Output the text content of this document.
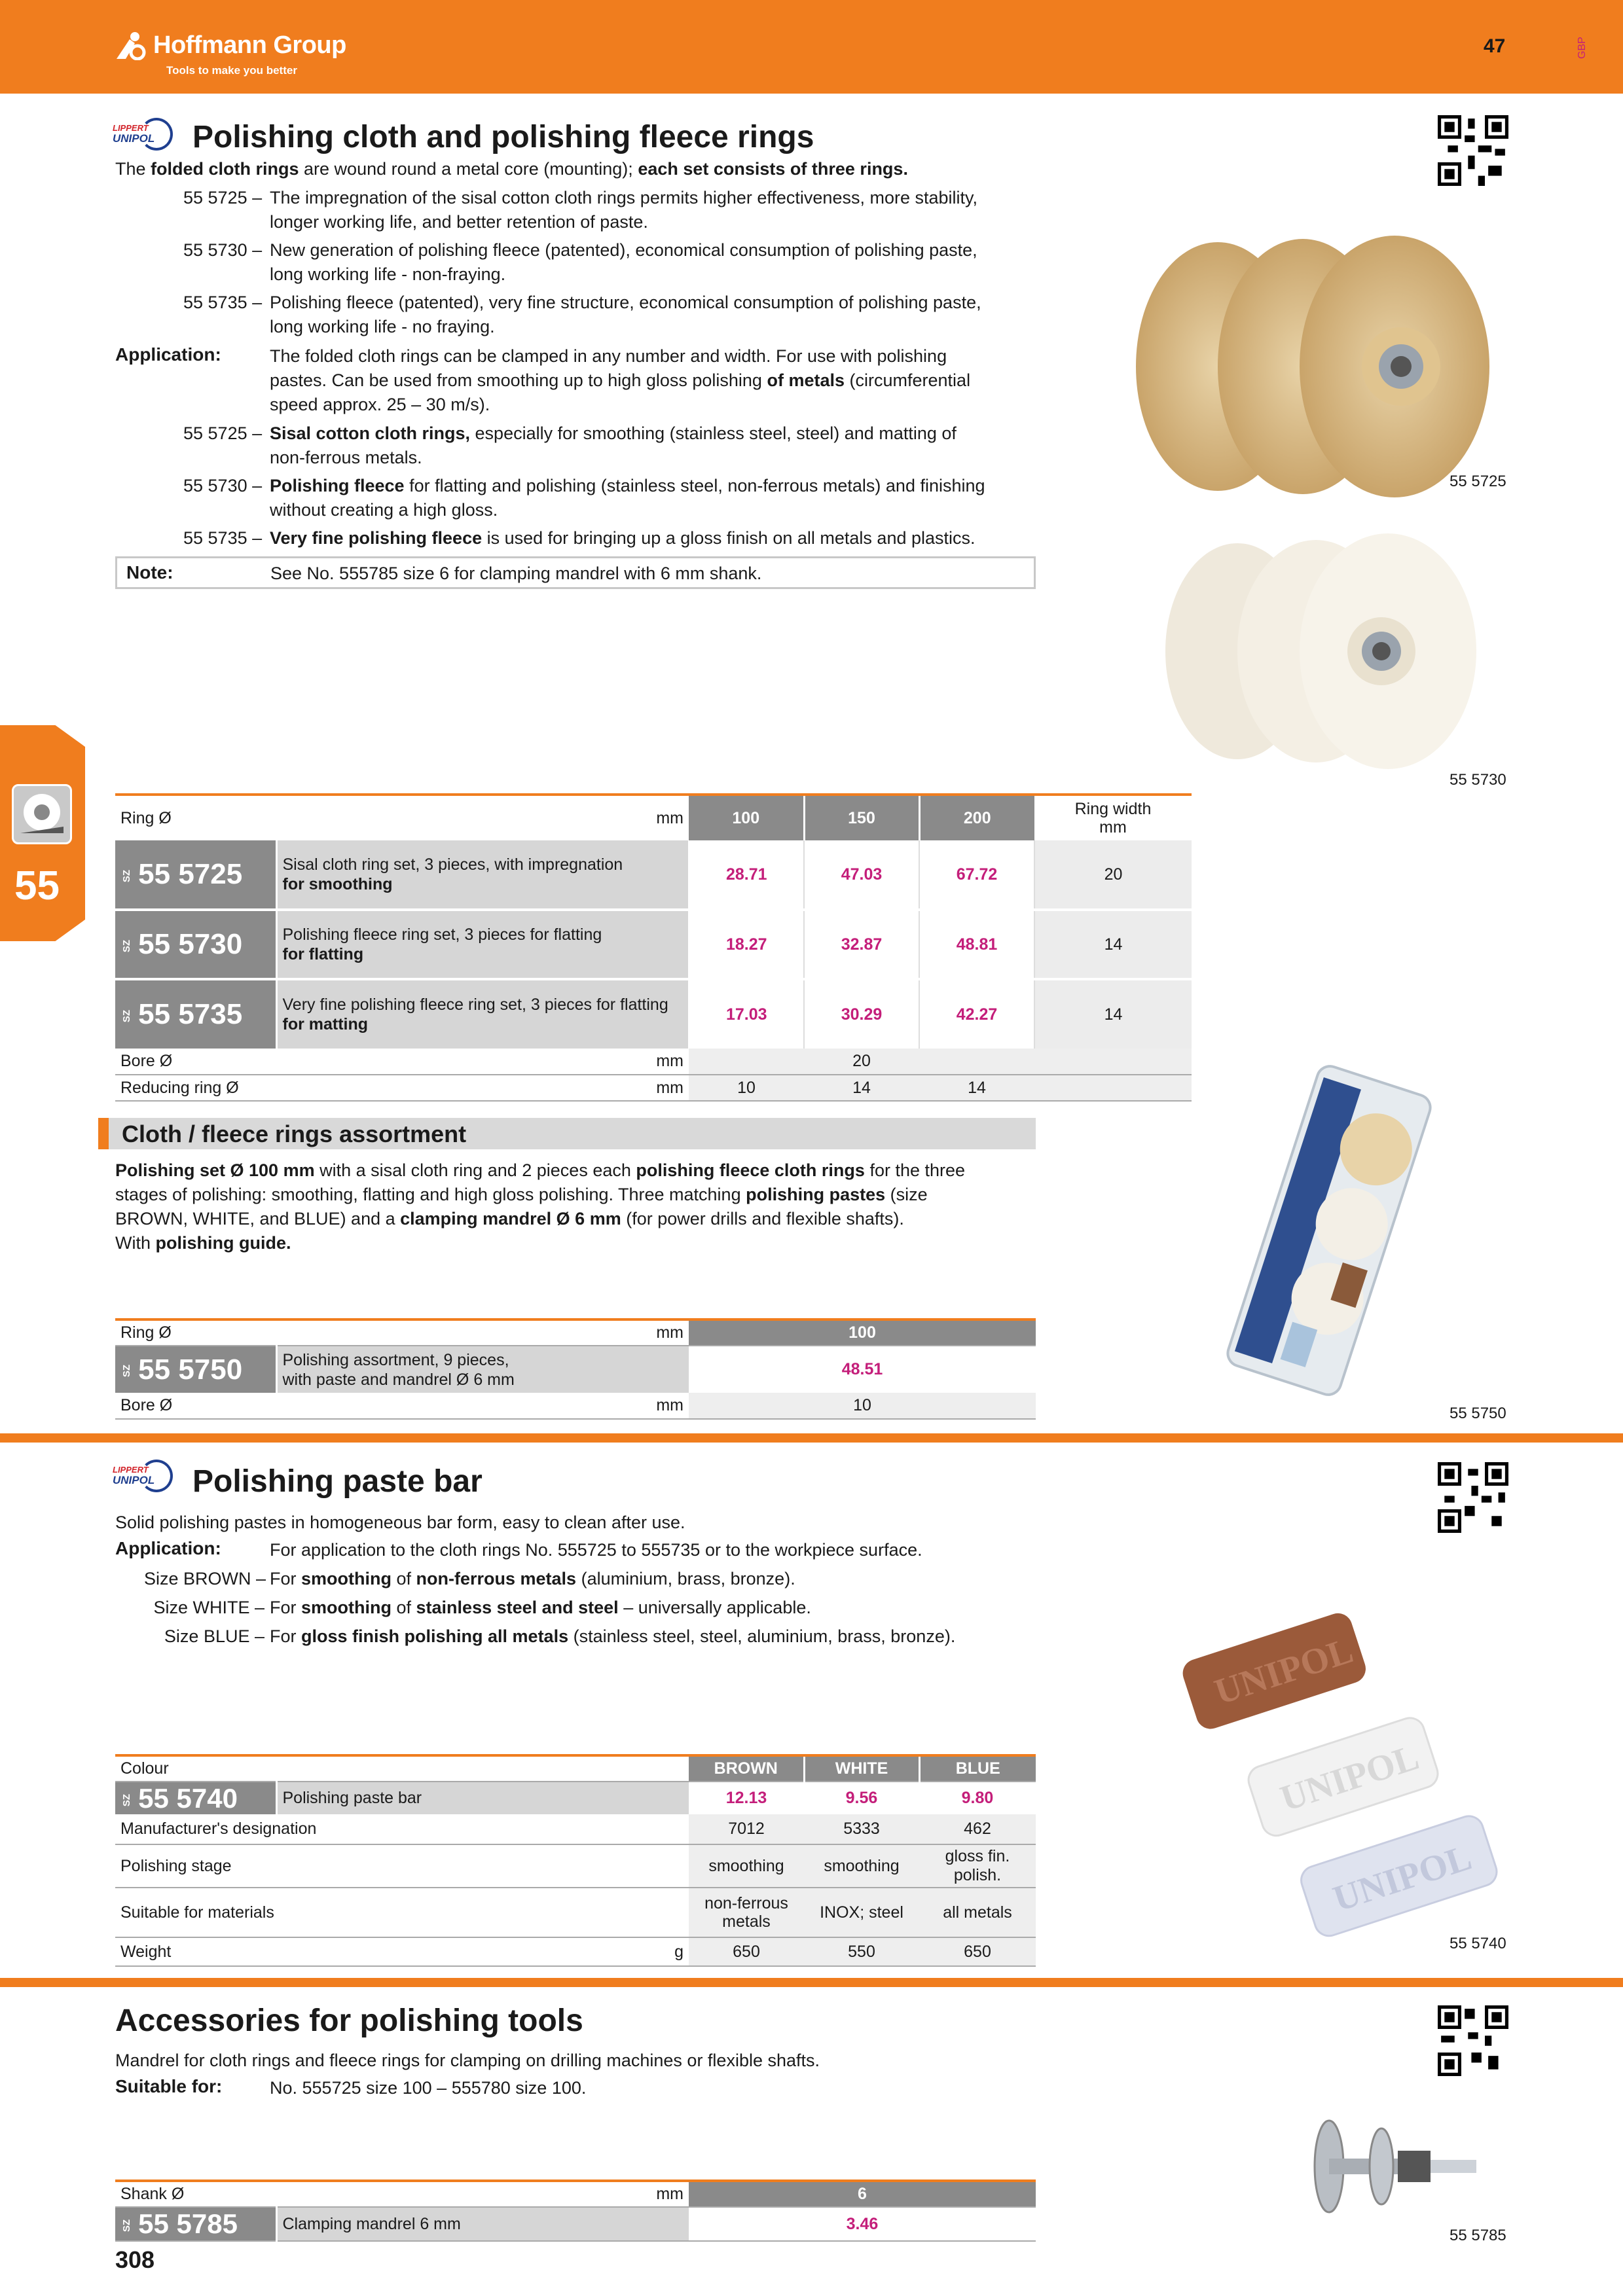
Hoffmann Group
Tools to make you better
47	GBP
55
LIPPERT
UNIPOL Polishing cloth and polishing fleece rings
The folded cloth rings are wound round a metal core (mounting); each set consists of three rings.
55 5725 – The impregnation of the sisal cotton cloth rings permits higher effectiveness, more stability,
longer working life, and better retention of paste.
55 5730 – New generation of polishing fleece (patented), economical consumption of polishing paste,
long working life - non-fraying.
55 5735 – Polishing fleece (patented), very fine structure, economical consumption of polishing paste,
long working life - no fraying.
Application:	The folded cloth rings can be clamped in any number and width. For use with polishing
pastes. Can be used from smoothing up to high gloss polishing of metals (circumferential
speed approx. 25 – 30 m/s).
55 5725 – Sisal cotton cloth rings, especially for smoothing (stainless steel, steel) and matting of
non-ferrous metals.
55 5730 – Polishing fleece for flatting and polishing (stainless steel, non-ferrous metals) and finishing
without creating a high gloss.
55 5735 – Very fine polishing fleece is used for bringing up a gloss finish on all metals and plastics.
Note:	See No. 555785 size 6 for clamping mandrel with 6 mm shank.
55 5725
55 5730
Ring Ø	mm	100	150	200	Ring width
mm

SZ 55 5725	Sisal cloth ring set, 3 pieces, with impregnation
for smoothing	28.71	47.03	67.72	20
SZ 55 5730	Polishing fleece ring set, 3 pieces for flatting
for flatting	18.27	32.87	48.81	14
SZ 55 5735	Very fine polishing fleece ring set, 3 pieces for flatting
for matting	17.03	30.29	42.27	14
Bore Ø	mm	20			
Reducing ring Ø	mm	10	14	14	
Cloth / fleece rings assortment
Polishing set Ø 100 mm with a sisal cloth ring and 2 pieces each polishing fleece cloth rings for the three
stages of polishing: smoothing, flatting and high gloss polishing. Three matching polishing pastes (size
BROWN, WHITE, and BLUE) and a clamping mandrel Ø 6 mm (for power drills and flexible shafts).
With polishing guide.
55 5750
Ring Ø	mm	100
SZ 55 5750	Polishing assortment, 9 pieces,
with paste and mandrel Ø 6 mm	48.51
Bore Ø	mm	10
LIPPERT
UNIPOL Polishing paste bar
Solid polishing pastes in homogeneous bar form, easy to clean after use.
Application:	For application to the cloth rings No. 555725 to 555735 or to the workpiece surface.
Size BROWN – For smoothing of non-ferrous metals (aluminium, brass, bronze).
Size WHITE – For smoothing of stainless steel and steel – universally applicable.
Size BLUE – For gloss finish polishing all metals (stainless steel, steel, aluminium, brass, bronze).	UNIPOL
UNIPOL
UNIPOL
55 5740
Colour		BROWN	WHITE	BLUE
SZ 55 5740	Polishing paste bar	12.13	9.56	9.80
Manufacturer's designation		7012	5333	462
Polishing stage		smoothing	smoothing	gloss fin. polish.
Suitable for materials		non-ferrous
metals	INOX; steel	all metals
Weight	g	650	550	650
Accessories for polishing tools
Mandrel for cloth rings and fleece rings for clamping on drilling machines or flexible shafts.
Suitable for:	No. 555725 size 100 – 555780 size 100.
55 5785
Shank Ø	mm	6
SZ 55 5785	Clamping mandrel 6 mm	3.46
308
